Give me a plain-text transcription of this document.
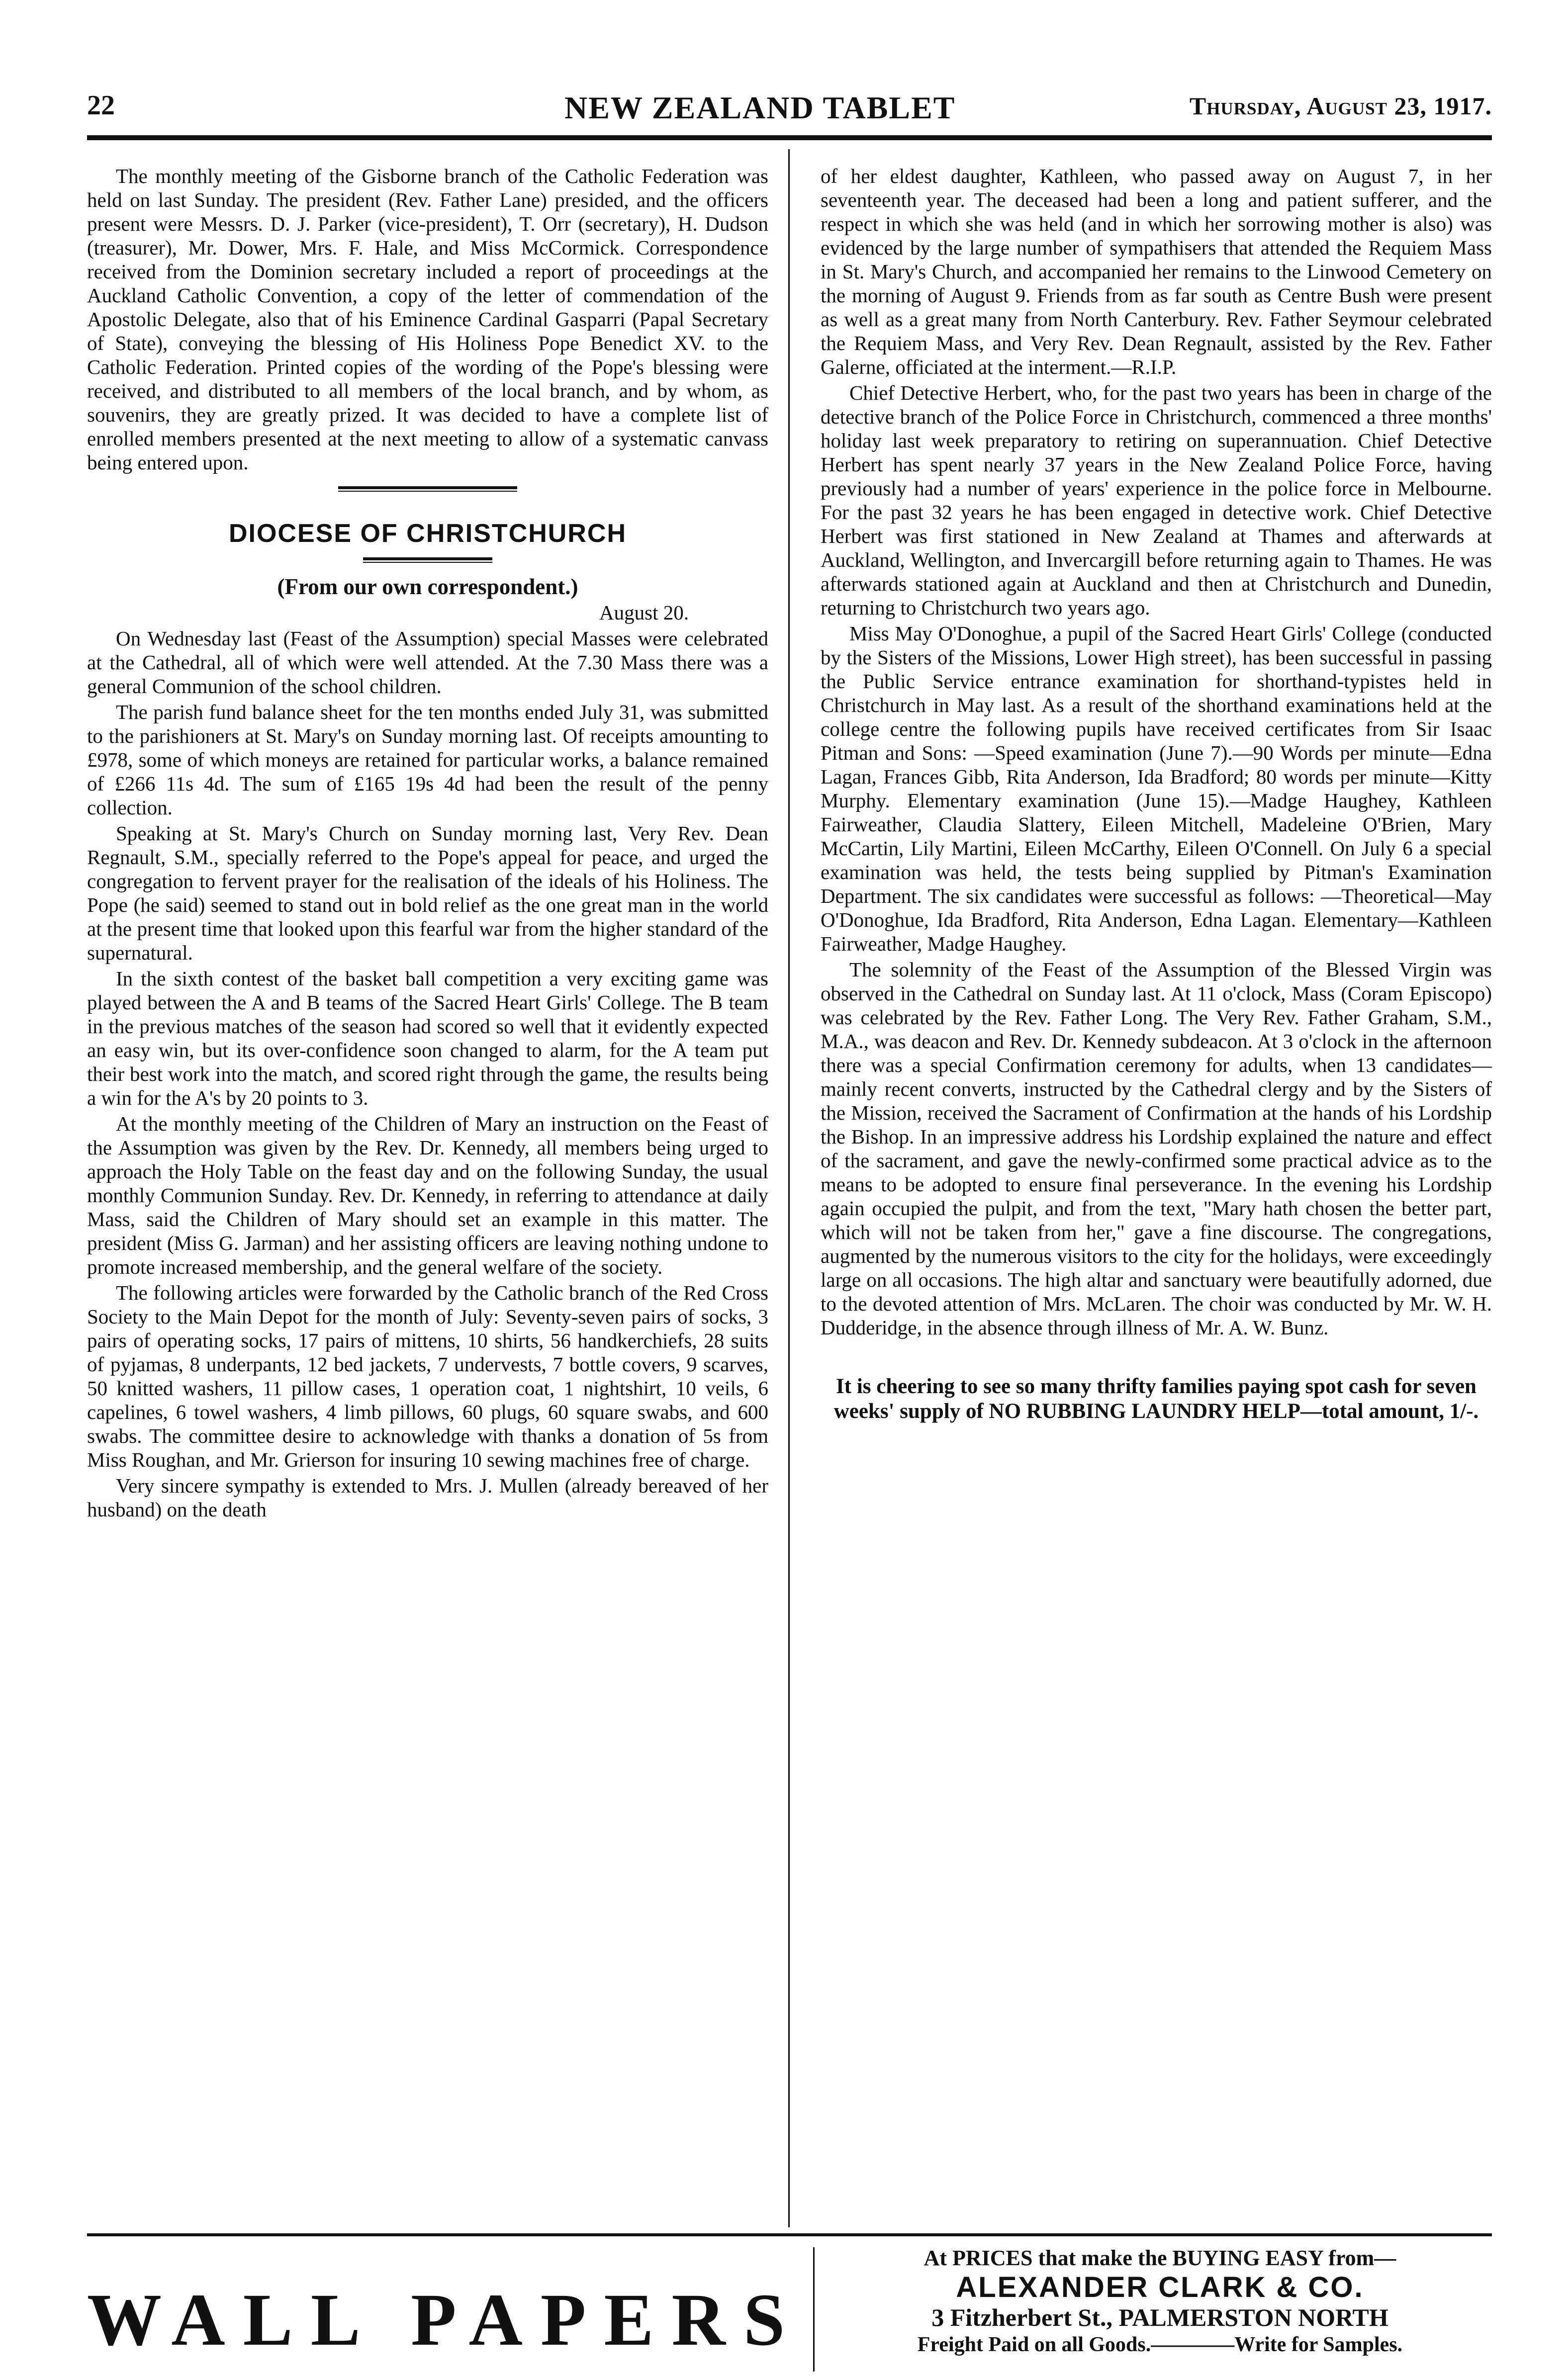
22	NEW ZEALAND TABLET	Thursday, August 23, 1917.

The monthly meeting of the Gisborne branch of the Catholic Federation was held on last Sunday. The president (Rev. Father Lane) presided, and the officers present were Messrs. D. J. Parker (vice-president), T. Orr (secretary), H. Dudson (treasurer), Mr. Dower, Mrs. F. Hale, and Miss McCormick. Correspondence received from the Dominion secretary included a report of proceedings at the Auckland Catholic Convention, a copy of the letter of commendation of the Apostolic Delegate, also that of his Eminence Cardinal Gasparri (Papal Secretary of State), conveying the blessing of His Holiness Pope Benedict XV. to the Catholic Federation. Printed copies of the wording of the Pope's blessing were received, and distributed to all members of the local branch, and by whom, as souvenirs, they are greatly prized. It was decided to have a complete list of enrolled members presented at the next meeting to allow of a systematic canvass being entered upon.

DIOCESE OF CHRISTCHURCH
(From our own correspondent.)
August 20.

On Wednesday last (Feast of the Assumption) special Masses were celebrated at the Cathedral, all of which were well attended. At the 7.30 Mass there was a general Communion of the school children.

The parish fund balance sheet for the ten months ended July 31, was submitted to the parishioners at St. Mary's on Sunday morning last. Of receipts amounting to £978, some of which moneys are retained for particular works, a balance remained of £266 11s 4d. The sum of £165 19s 4d had been the result of the penny collection.

Speaking at St. Mary's Church on Sunday morning last, Very Rev. Dean Regnault, S.M., specially referred to the Pope's appeal for peace, and urged the congregation to fervent prayer for the realisation of the ideals of his Holiness. The Pope (he said) seemed to stand out in bold relief as the one great man in the world at the present time that looked upon this fearful war from the higher standard of the supernatural.

In the sixth contest of the basket ball competition a very exciting game was played between the A and B teams of the Sacred Heart Girls' College. The B team in the previous matches of the season had scored so well that it evidently expected an easy win, but its over-confidence soon changed to alarm, for the A team put their best work into the match, and scored right through the game, the results being a win for the A's by 20 points to 3.

At the monthly meeting of the Children of Mary an instruction on the Feast of the Assumption was given by the Rev. Dr. Kennedy, all members being urged to approach the Holy Table on the feast day and on the following Sunday, the usual monthly Communion Sunday. Rev. Dr. Kennedy, in referring to attendance at daily Mass, said the Children of Mary should set an example in this matter. The president (Miss G. Jarman) and her assisting officers are leaving nothing undone to promote increased membership, and the general welfare of the society.

The following articles were forwarded by the Catholic branch of the Red Cross Society to the Main Depot for the month of July: Seventy-seven pairs of socks, 3 pairs of operating socks, 17 pairs of mittens, 10 shirts, 56 handkerchiefs, 28 suits of pyjamas, 8 underpants, 12 bed jackets, 7 undervests, 7 bottle covers, 9 scarves, 50 knitted washers, 11 pillow cases, 1 operation coat, 1 nightshirt, 10 veils, 6 capelines, 6 towel washers, 4 limb pillows, 60 plugs, 60 square swabs, and 600 swabs. The committee desire to acknowledge with thanks a donation of 5s from Miss Roughan, and Mr. Grierson for insuring 10 sewing machines free of charge.

Very sincere sympathy is extended to Mrs. J. Mullen (already bereaved of her husband) on the death

of her eldest daughter, Kathleen, who passed away on August 7, in her seventeenth year. The deceased had been a long and patient sufferer, and the respect in which she was held (and in which her sorrowing mother is also) was evidenced by the large number of sympathisers that attended the Requiem Mass in St. Mary's Church, and accompanied her remains to the Linwood Cemetery on the morning of August 9. Friends from as far south as Centre Bush were present as well as a great many from North Canterbury. Rev. Father Seymour celebrated the Requiem Mass, and Very Rev. Dean Regnault, assisted by the Rev. Father Galerne, officiated at the interment.—R.I.P.

Chief Detective Herbert, who, for the past two years has been in charge of the detective branch of the Police Force in Christchurch, commenced a three months' holiday last week preparatory to retiring on superannuation. Chief Detective Herbert has spent nearly 37 years in the New Zealand Police Force, having previously had a number of years' experience in the police force in Melbourne. For the past 32 years he has been engaged in detective work. Chief Detective Herbert was first stationed in New Zealand at Thames and afterwards at Auckland, Wellington, and Invercargill before returning again to Thames. He was afterwards stationed again at Auckland and then at Christchurch and Dunedin, returning to Christchurch two years ago.

Miss May O'Donoghue, a pupil of the Sacred Heart Girls' College (conducted by the Sisters of the Missions, Lower High street), has been successful in passing the Public Service entrance examination for shorthand-typistes held in Christchurch in May last. As a result of the shorthand examinations held at the college centre the following pupils have received certificates from Sir Isaac Pitman and Sons: —Speed examination (June 7).—90 Words per minute—Edna Lagan, Frances Gibb, Rita Anderson, Ida Bradford; 80 words per minute—Kitty Murphy. Elementary examination (June 15).—Madge Haughey, Kathleen Fairweather, Claudia Slattery, Eileen Mitchell, Madeleine O'Brien, Mary McCartin, Lily Martini, Eileen McCarthy, Eileen O'Connell. On July 6 a special examination was held, the tests being supplied by Pitman's Examination Department. The six candidates were successful as follows: —Theoretical—May O'Donoghue, Ida Bradford, Rita Anderson, Edna Lagan. Elementary—Kathleen Fairweather, Madge Haughey.

The solemnity of the Feast of the Assumption of the Blessed Virgin was observed in the Cathedral on Sunday last. At 11 o'clock, Mass (Coram Episcopo) was celebrated by the Rev. Father Long. The Very Rev. Father Graham, S.M., M.A., was deacon and Rev. Dr. Kennedy subdeacon. At 3 o'clock in the afternoon there was a special Confirmation ceremony for adults, when 13 candidates—mainly recent converts, instructed by the Cathedral clergy and by the Sisters of the Mission, received the Sacrament of Confirmation at the hands of his Lordship the Bishop. In an impressive address his Lordship explained the nature and effect of the sacrament, and gave the newly-confirmed some practical advice as to the means to be adopted to ensure final perseverance. In the evening his Lordship again occupied the pulpit, and from the text, "Mary hath chosen the better part, which will not be taken from her," gave a fine discourse. The congregations, augmented by the numerous visitors to the city for the holidays, were exceedingly large on all occasions. The high altar and sanctuary were beautifully adorned, due to the devoted attention of Mrs. McLaren. The choir was conducted by Mr. W. H. Dudderidge, in the absence through illness of Mr. A. W. Bunz.

It is cheering to see so many thrifty families paying spot cash for seven weeks' supply of NO RUBBING LAUNDRY HELP—total amount, 1/-.
WALL PAPERS
At PRICES that make the BUYING EASY from—
ALEXANDER CLARK & CO.
3 Fitzherbert St., PALMERSTON NORTH
Freight Paid on all Goods.————Write for Samples.
